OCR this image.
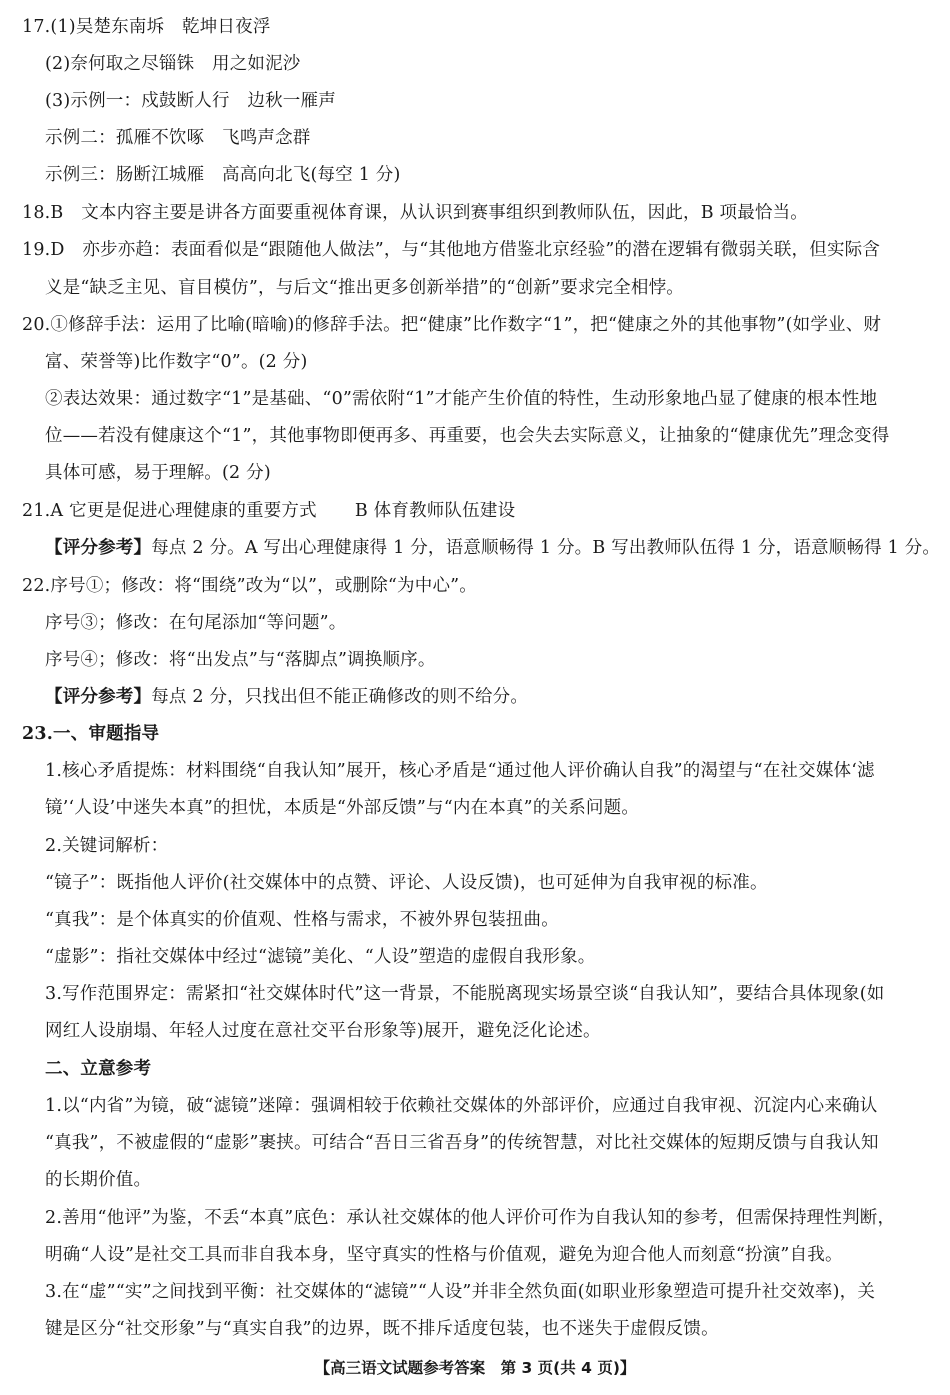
17.(1)吴楚东南坼　乾坤日夜浮
(2)奈何取之尽锱铢　用之如泥沙
(3)示例一：戍鼓断人行　边秋一雁声
示例二：孤雁不饮啄　飞鸣声念群
示例三：肠断江城雁　高高向北飞(每空 1 分)
18.B　文本内容主要是讲各方面要重视体育课，从认识到赛事组织到教师队伍，因此，B 项最恰当。
19.D　亦步亦趋：表面看似是“跟随他人做法”，与“其他地方借鉴北京经验”的潜在逻辑有微弱关联，但实际含
义是“缺乏主见、盲目模仿”，与后文“推出更多创新举措”的“创新”要求完全相悖。
20.①修辞手法：运用了比喻(暗喻)的修辞手法。把“健康”比作数字“1”，把“健康之外的其他事物”(如学业、财
富、荣誉等)比作数字“0”。(2 分)
②表达效果：通过数字“1”是基础、“0”需依附“1”才能产生价值的特性，生动形象地凸显了健康的根本性地
位——若没有健康这个“1”，其他事物即便再多、再重要，也会失去实际意义，让抽象的“健康优先”理念变得
具体可感，易于理解。(2 分)
21.A 它更是促进心理健康的重要方式 B 体育教师队伍建设
【评分参考】每点 2 分。A 写出心理健康得 1 分，语意顺畅得 1 分。B 写出教师队伍得 1 分，语意顺畅得 1 分。
22.序号①；修改：将“围绕”改为“以”，或删除“为中心”。
序号③；修改：在句尾添加“等问题”。
序号④；修改：将“出发点”与“落脚点”调换顺序。
【评分参考】每点 2 分，只找出但不能正确修改的则不给分。
23.一、审题指导
1.核心矛盾提炼：材料围绕“自我认知”展开，核心矛盾是“通过他人评价确认自我”的渴望与“在社交媒体‘滤
镜’‘人设’中迷失本真”的担忧，本质是“外部反馈”与“内在本真”的关系问题。
2.关键词解析：
“镜子”：既指他人评价(社交媒体中的点赞、评论、人设反馈)，也可延伸为自我审视的标准。
“真我”：是个体真实的价值观、性格与需求，不被外界包装扭曲。
“虚影”：指社交媒体中经过“滤镜”美化、“人设”塑造的虚假自我形象。
3.写作范围界定：需紧扣“社交媒体时代”这一背景，不能脱离现实场景空谈“自我认知”，要结合具体现象(如
网红人设崩塌、年轻人过度在意社交平台形象等)展开，避免泛化论述。
二、立意参考
1.以“内省”为镜，破“滤镜”迷障：强调相较于依赖社交媒体的外部评价，应通过自我审视、沉淀内心来确认
“真我”，不被虚假的“虚影”裹挟。可结合“吾日三省吾身”的传统智慧，对比社交媒体的短期反馈与自我认知
的长期价值。
2.善用“他评”为鉴，不丢“本真”底色：承认社交媒体的他人评价可作为自我认知的参考，但需保持理性判断，
明确“人设”是社交工具而非自我本身，坚守真实的性格与价值观，避免为迎合他人而刻意“扮演”自我。
3.在“虚”“实”之间找到平衡：社交媒体的“滤镜”“人设”并非全然负面(如职业形象塑造可提升社交效率)，关
键是区分“社交形象”与“真实自我”的边界，既不排斥适度包装，也不迷失于虚假反馈。
【高三语文试题参考答案　第 3 页(共 4 页)】
